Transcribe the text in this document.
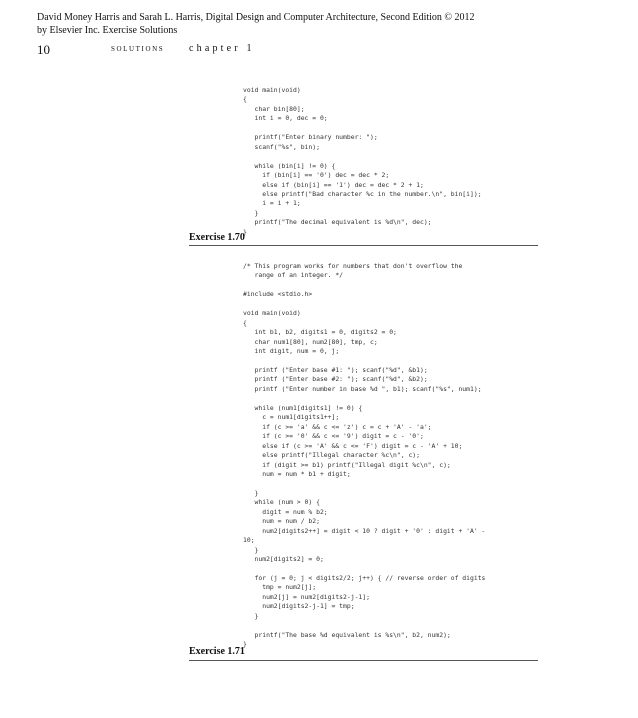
David Money Harris and Sarah L. Harris, Digital Design and Computer Architecture, Second Edition © 2012
by Elsevier Inc. Exercise Solutions
10	SOLUTIONS chapter 1
void main(void)
{
char bin[80];
int i = 0, dec = 0;

printf("Enter binary number: ");
scanf("%s", bin);

while (bin[i] != 0) {
if (bin[i] == '0') dec = dec * 2;
else if (bin[i] == '1') dec = dec * 2 + 1;
else printf("Bad character %c in the number.\n", bin[i]);
i = i + 1;
}
printf("The decimal equivalent is %d\n", dec);
}
Exercise 1.70
/* This program works for numbers that don't overflow the
range of an integer. */

#include <stdio.h>

void main(void)
{
int b1, b2, digits1 = 0, digits2 = 0;
char num1[80], num2[80], tmp, c;
int digit, num = 0, j;

printf ("Enter base #1: "); scanf("%d", &b1);
printf ("Enter base #2: "); scanf("%d", &b2);
printf ("Enter number in base %d ", b1); scanf("%s", num1);

while (num1[digits1] != 0) {
c = num1[digits1++];
if (c >= 'a' && c <= 'z') c = c + 'A' - 'a';
if (c >= '0' && c <= '9') digit = c - '0';
else if (c >= 'A' && c <= 'F') digit = c - 'A' + 10;
else printf("Illegal character %c\n", c);
if (digit >= b1) printf("Illegal digit %c\n", c);
num = num * b1 + digit;

}
while (num > 0) {
digit = num % b2;
num = num / b2;
num2[digits2++] = digit < 10 ? digit + '0' : digit + 'A' -
10;
}
num2[digits2] = 0;

for (j = 0; j < digits2/2; j++) { // reverse order of digits
tmp = num2[j];
num2[j] = num2[digits2-j-1];
num2[digits2-j-1] = tmp;
}

printf("The base %d equivalent is %s\n", b2, num2);
}
Exercise 1.71
